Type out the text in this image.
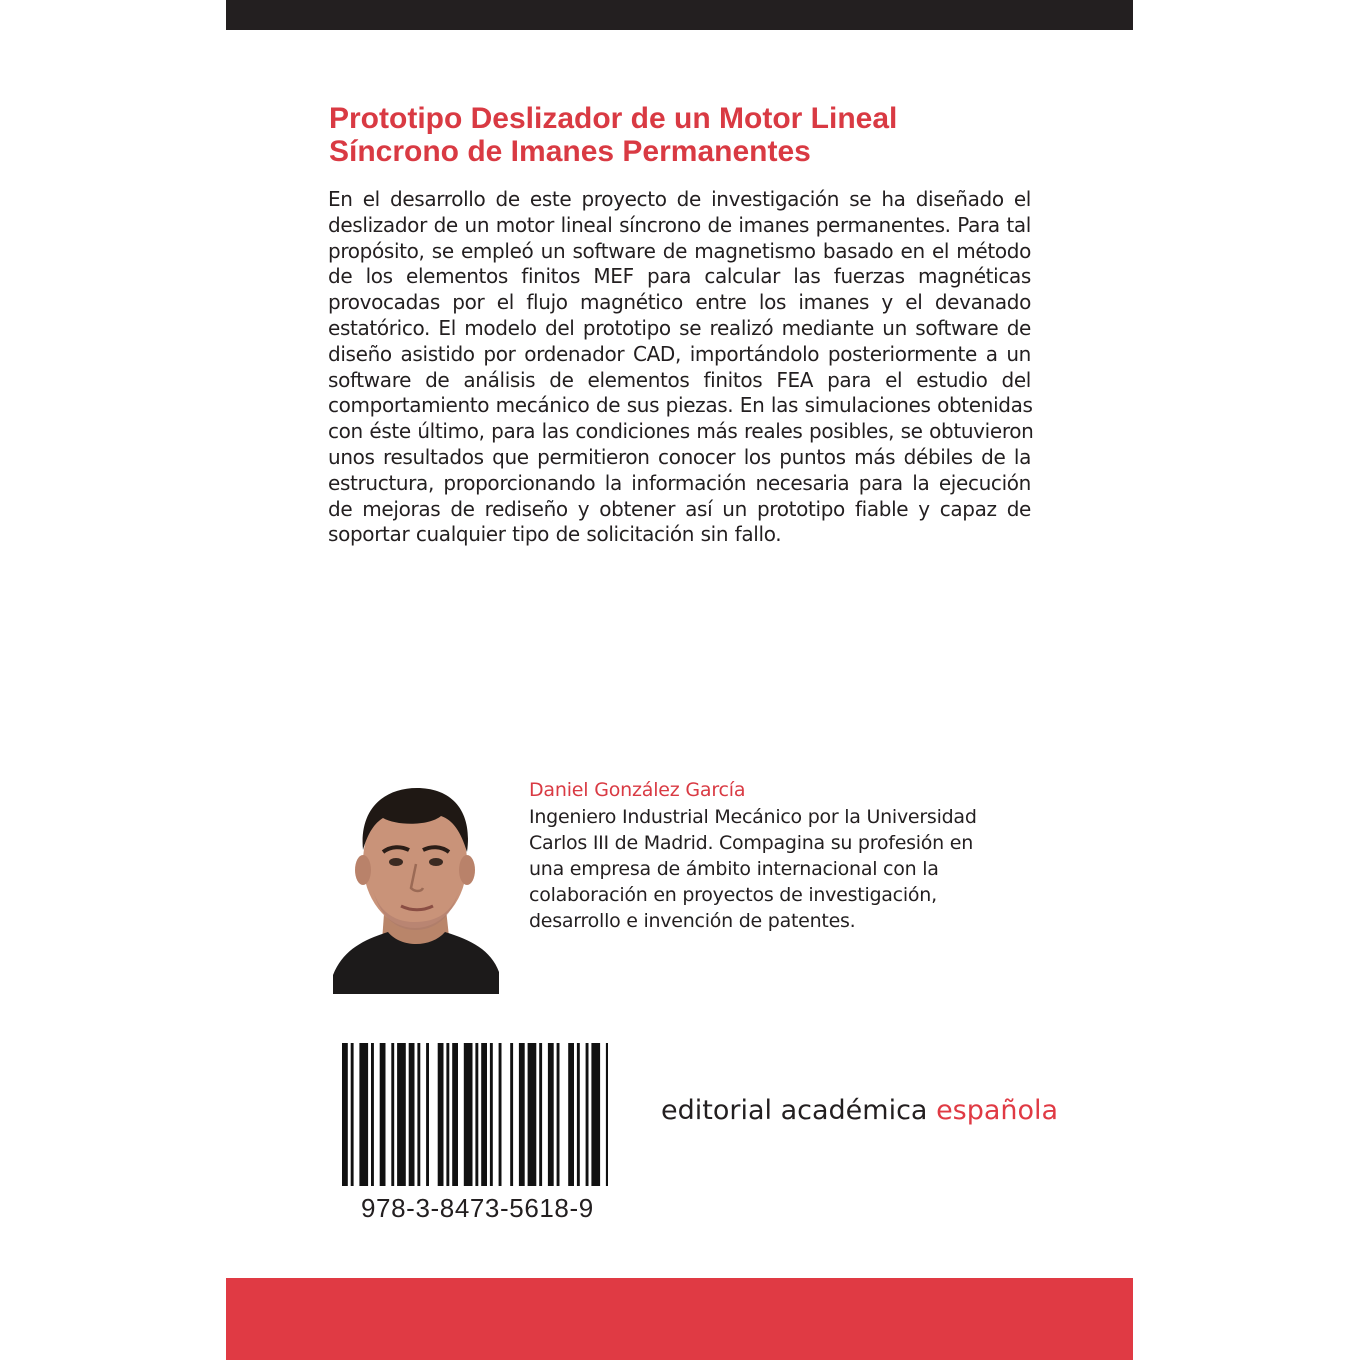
Prototipo Deslizador de un Motor Lineal
Síncrono de Imanes Permanentes
En el desarrollo de este proyecto de investigación se ha diseñado el
deslizador de un motor lineal síncrono de imanes permanentes. Para tal
propósito, se empleó un software de magnetismo basado en el método
de los elementos finitos MEF para calcular las fuerzas magnéticas
provocadas por el flujo magnético entre los imanes y el devanado
estatórico. El modelo del prototipo se realizó mediante un software de
diseño asistido por ordenador CAD, importándolo posteriormente a un
software de análisis de elementos finitos FEA para el estudio del
comportamiento mecánico de sus piezas. En las simulaciones obtenidas
con éste último, para las condiciones más reales posibles, se obtuvieron
unos resultados que permitieron conocer los puntos más débiles de la
estructura, proporcionando la información necesaria para la ejecución
de mejoras de rediseño y obtener así un prototipo fiable y capaz de
soportar cualquier tipo de solicitación sin fallo.
Daniel González García
Ingeniero Industrial Mecánico por la Universidad
Carlos III de Madrid. Compagina su profesión en
una empresa de ámbito internacional con la
colaboración en proyectos de investigación,
desarrollo e invención de patentes.
978-3-8473-5618-9
editorial académica española
